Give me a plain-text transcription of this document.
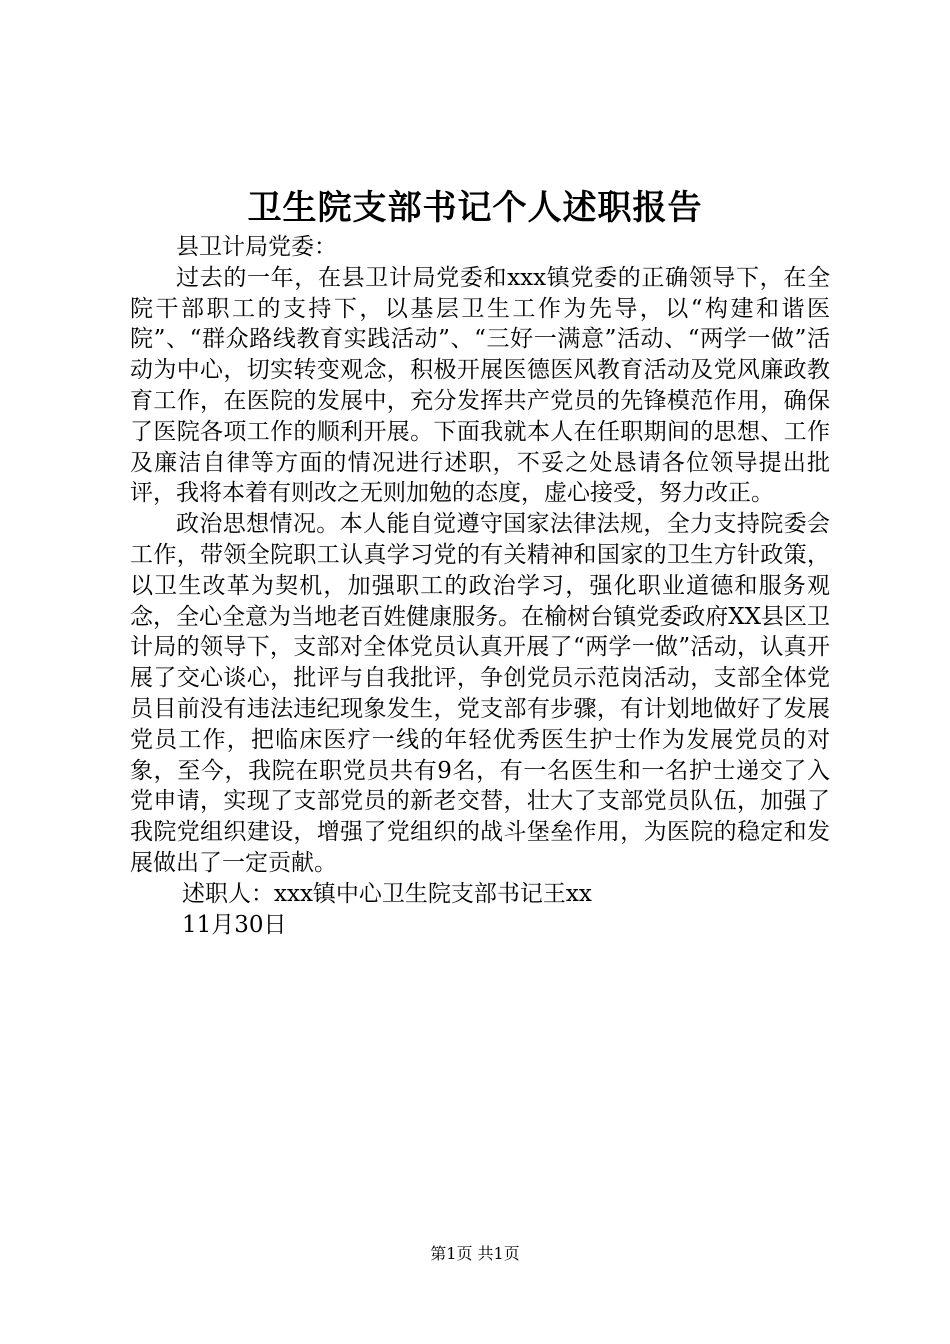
卫生院支部书记个人述职报告
县卫计局党委：

过去的一年，在县卫计局党委和xxx镇党委的正确领导下，在全院干部职工的支持下，以基层卫生工作为先导，以“构建和谐医院”、“群众路线教育实践活动”、“三好一满意”活动、“两学一做”活动为中心，切实转变观念，积极开展医德医风教育活动及党风廉政教育工作，在医院的发展中，充分发挥共产党员的先锋模范作用，确保了医院各项工作的顺利开展。下面我就本人在任职期间的思想、工作及廉洁自律等方面的情况进行述职，不妥之处恳请各位领导提出批评，我将本着有则改之无则加勉的态度，虚心接受，努力改正。

政治思想情况。本人能自觉遵守国家法律法规，全力支持院委会工作，带领全院职工认真学习党的有关精神和国家的卫生方针政策，以卫生改革为契机，加强职工的政治学习，强化职业道德和服务观念，全心全意为当地老百姓健康服务。在榆树台镇党委政府XX县区卫计局的领导下，支部对全体党员认真开展了“两学一做”活动，认真开展了交心谈心，批评与自我批评，争创党员示范岗活动，支部全体党员目前没有违法违纪现象发生，党支部有步骤，有计划地做好了发展党员工作，把临床医疗一线的年轻优秀医生护士作为发展党员的对象，至今，我院在职党员共有9名，有一名医生和一名护士递交了入党申请，实现了支部党员的新老交替，壮大了支部党员队伍，加强了我院党组织建设，增强了党组织的战斗堡垒作用，为医院的稳定和发展做出了一定贡献。

述职人：xxx镇中心卫生院支部书记王xx
11月30日
第1页 共1页
